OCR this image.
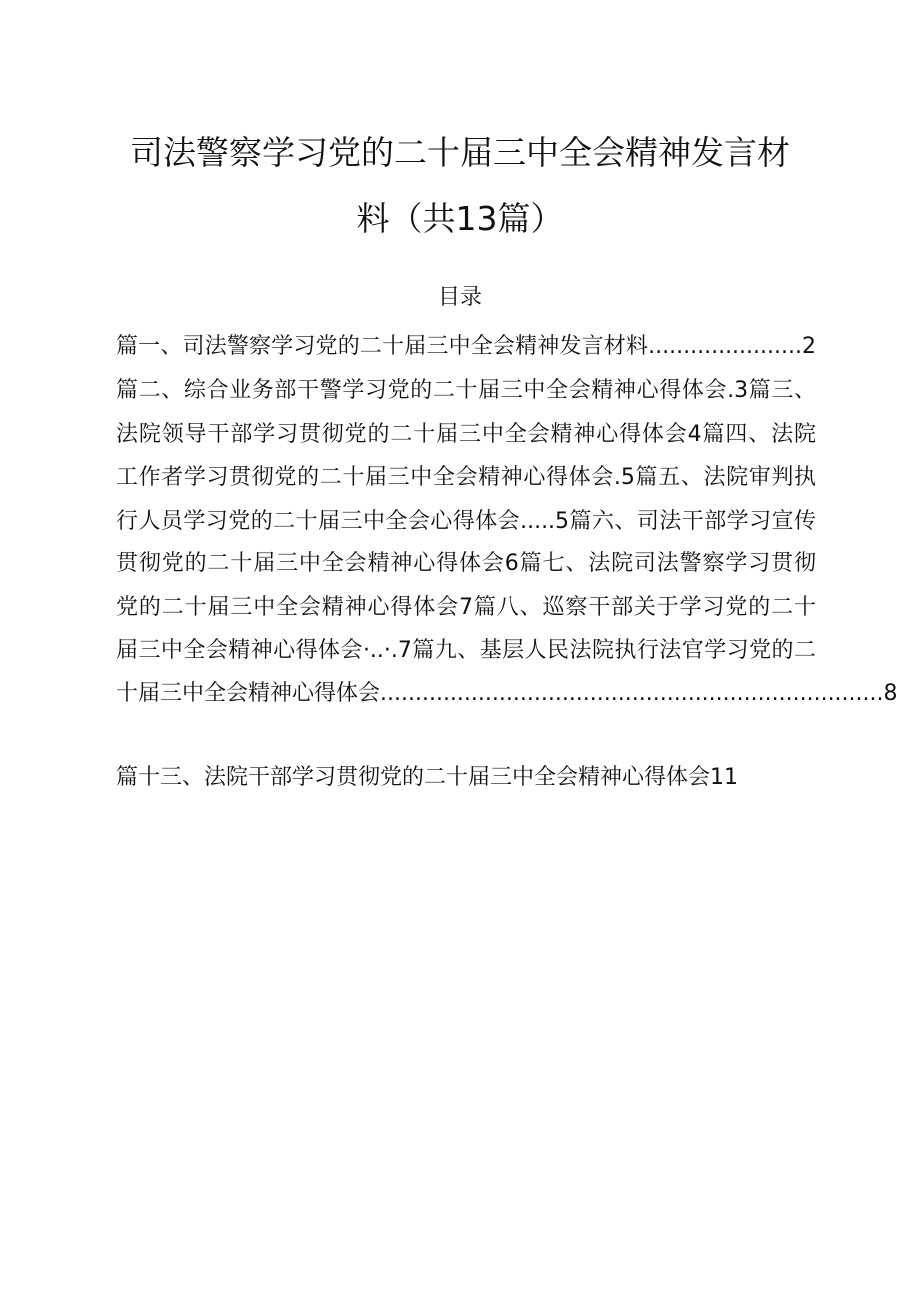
司法警察学习党的二十届三中全会精神发言材
料（共13篇）
目录
篇一、司法警察学习党的二十届三中全会精神发言材料......................2
篇二、综合业务部干警学习党的二十届三中全会精神心得体会.3篇三、
法院领导干部学习贯彻党的二十届三中全会精神心得体会4篇四、法院
工作者学习贯彻党的二十届三中全会精神心得体会.5篇五、法院审判执
行人员学习党的二十届三中全会心得体会.....5篇六、司法干部学习宣传
贯彻党的二十届三中全会精神心得体会6篇七、法院司法警察学习贯彻
党的二十届三中全会精神心得体会7篇八、巡察干部关于学习党的二十
届三中全会精神心得体会·..·.7篇九、基层人民法院执行法官学习党的二
十届三中全会精神心得体会........................................................................8
篇十三、法院干部学习贯彻党的二十届三中全会精神心得体会11
